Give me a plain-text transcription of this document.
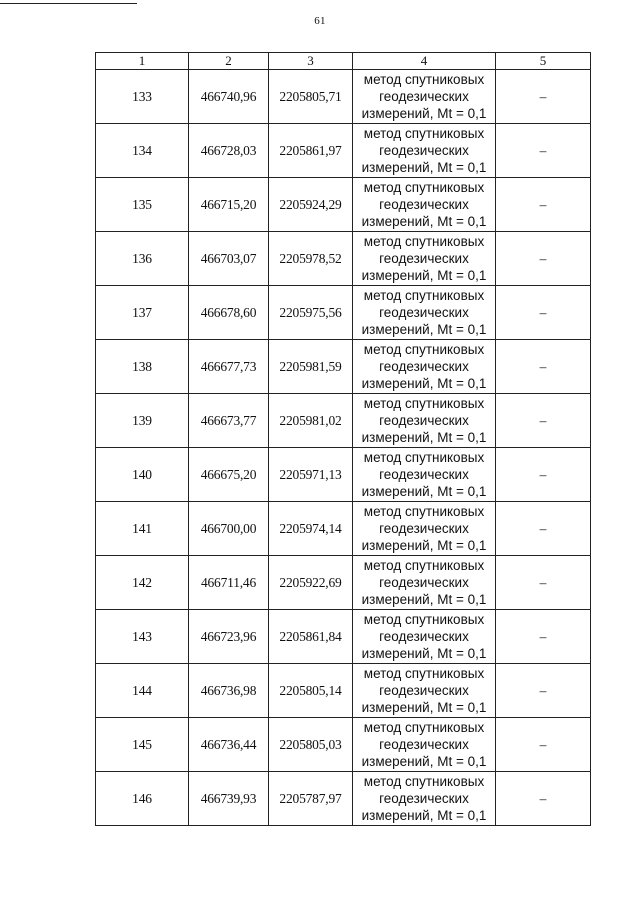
61
1	2	3	4	5
133	466740,96	2205805,71	метод спутниковых
геодезических
измерений, Mt = 0,1	–
134	466728,03	2205861,97	метод спутниковых
геодезических
измерений, Mt = 0,1	–
135	466715,20	2205924,29	метод спутниковых
геодезических
измерений, Mt = 0,1	–
136	466703,07	2205978,52	метод спутниковых
геодезических
измерений, Mt = 0,1	–
137	466678,60	2205975,56	метод спутниковых
геодезических
измерений, Mt = 0,1	–
138	466677,73	2205981,59	метод спутниковых
геодезических
измерений, Mt = 0,1	–
139	466673,77	2205981,02	метод спутниковых
геодезических
измерений, Mt = 0,1	–
140	466675,20	2205971,13	метод спутниковых
геодезических
измерений, Mt = 0,1	–
141	466700,00	2205974,14	метод спутниковых
геодезических
измерений, Mt = 0,1	–
142	466711,46	2205922,69	метод спутниковых
геодезических
измерений, Mt = 0,1	–
143	466723,96	2205861,84	метод спутниковых
геодезических
измерений, Mt = 0,1	–
144	466736,98	2205805,14	метод спутниковых
геодезических
измерений, Mt = 0,1	–
145	466736,44	2205805,03	метод спутниковых
геодезических
измерений, Mt = 0,1	–
146	466739,93	2205787,97	метод спутниковых
геодезических
измерений, Mt = 0,1	–
